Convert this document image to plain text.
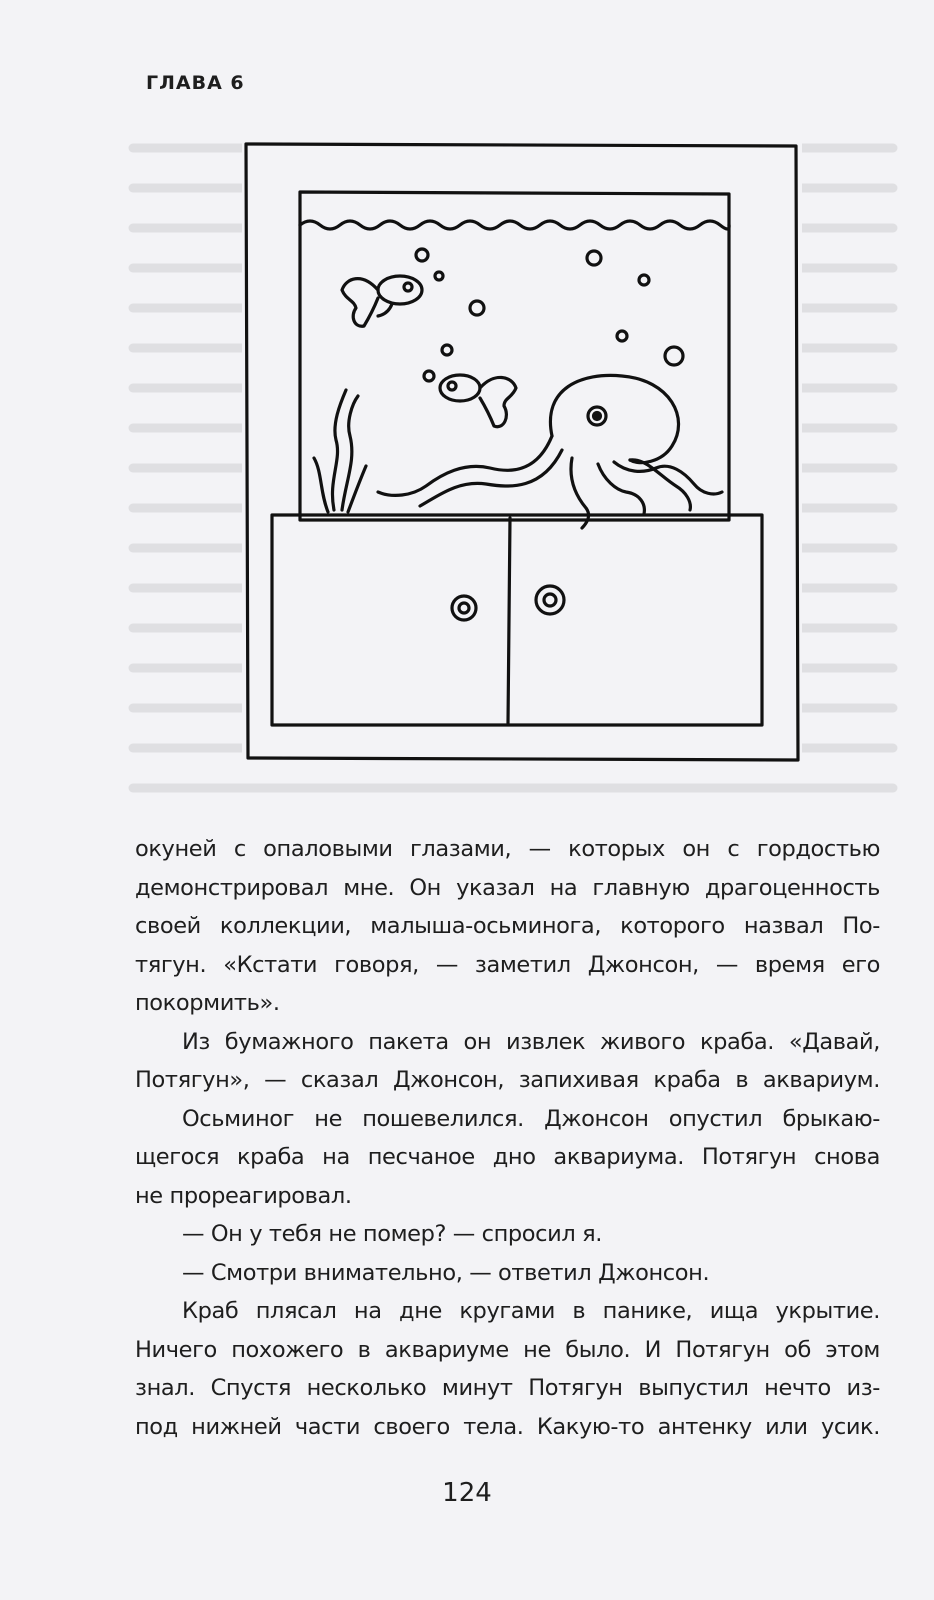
ГЛАВА 6
окуней с опаловыми глазами, — которых он с гордостью
демонстрировал мне. Он указал на главную драгоценность
своей коллекции, малыша-осьминога, которого назвал По-
тягун. «Кстати говоря, — заметил Джонсон, — время его
покормить».
Из бумажного пакета он извлек живого краба. «Давай,
Потягун», — сказал Джонсон, запихивая краба в аквариум.
Осьминог не пошевелился. Джонсон опустил брыкаю-
щегося краба на песчаное дно аквариума. Потягун снова
не прореагировал.
— Он у тебя не помер? — спросил я.
— Смотри внимательно, — ответил Джонсон.
Краб плясал на дне кругами в панике, ища укрытие.
Ничего похожего в аквариуме не было. И Потягун об этом
знал. Спустя несколько минут Потягун выпустил нечто из-
под нижней части своего тела. Какую-то антенку или усик.
124
